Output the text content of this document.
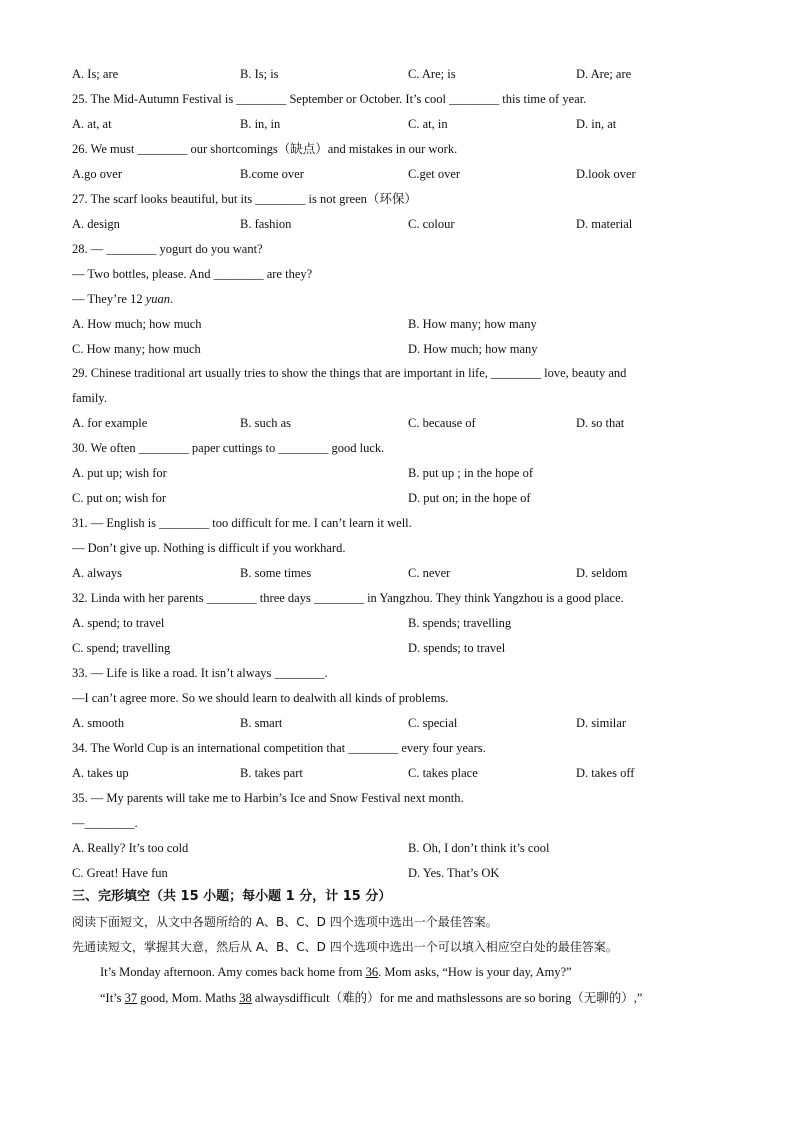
A. Is; are	B. Is; is	C. Are; is	D. Are; are
25. The Mid-Autumn Festival is ________ September or October. It’s cool ________ this time of year.
A. at, at	B. in, in	C. at, in	D. in, at
26. We must ________ our shortcomings（缺点）and mistakes in our work.
A.go over	B.come over	C.get over	D.look over
27. The scarf looks beautiful, but its ________ is not green（环保）
A. design	B. fashion	C. colour	D. material
28. — ________ yogurt do you want?
— Two bottles, please. And ________ are they?
— They’re 12 yuan.
A. How much; how much	B. How many; how many
C. How many; how much	D. How much; how many
29. Chinese traditional art usually tries to show the things that are important in life, ________ love, beauty and
family.
A. for example	B. such as	C. because of	D. so that
30. We often ________ paper cuttings to ________ good luck.
A. put up; wish for	B. put up ; in the hope of
C. put on; wish for	D. put on; in the hope of
31. — English is ________ too difficult for me. I can’t learn it well.
— Don’t give up. Nothing is difficult if you workhard.
A. always	B. some times	C. never	D. seldom
32. Linda with her parents ________ three days ________ in Yangzhou. They think Yangzhou is a good place.
A. spend; to travel	B. spends; travelling
C. spend; travelling	D. spends; to travel
33. — Life is like a road. It isn’t always ________.
—I can’t agree more. So we should learn to dealwith all kinds of problems.
A. smooth	B. smart	C. special	D. similar
34. The World Cup is an international competition that ________ every four years.
A. takes up	B. takes part	C. takes place	D. takes off
35. — My parents will take me to Harbin’s Ice and Snow Festival next month.
—________.
A. Really? It’s too cold	B. Oh, I don’t think it’s cool
C. Great! Have fun	D. Yes. That’s OK
三、完形填空（共 15 小题；每小题 1 分，计 15 分）
阅读下面短文，从文中各题所给的 A、B、C、D 四个选项中选出一个最佳答案。
先通读短文，掌握其大意，然后从 A、B、C、D 四个选项中选出一个可以填入相应空白处的最佳答案。
It’s Monday afternoon. Amy comes back home from 36. Mom asks, “How is your day, Amy?”
“It’s 37 good, Mom. Maths 38 alwaysdifficult（难的）for me and mathslessons are so boring（无聊的）,”
